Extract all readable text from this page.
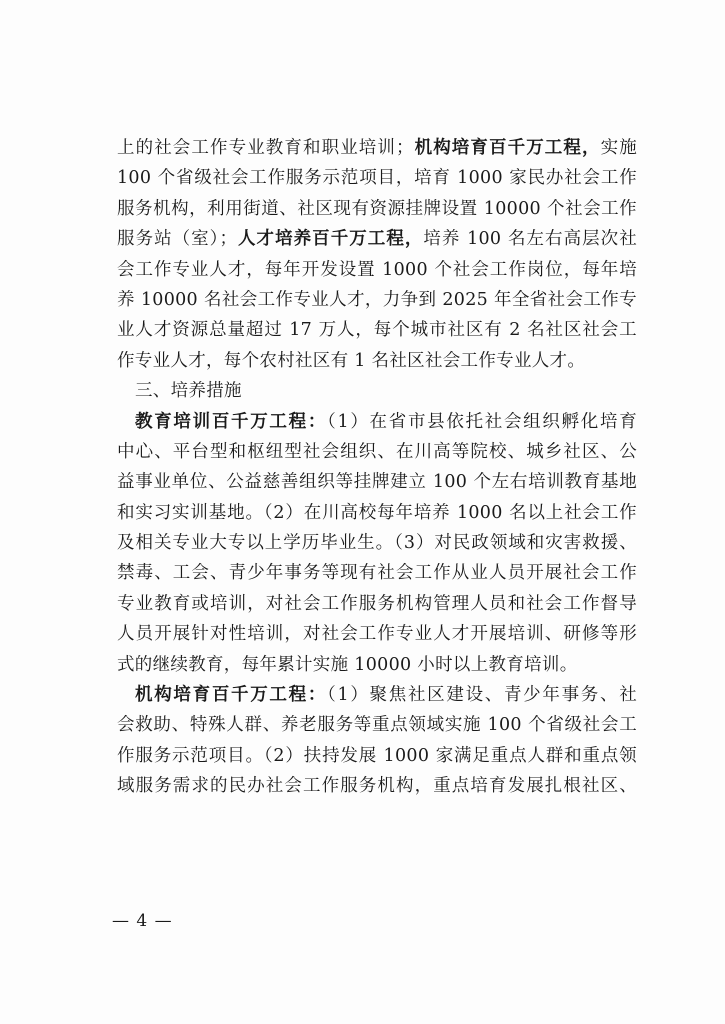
上的社会工作专业教育和职业培训；机构培育百千万工程，实施
100 个省级社会工作服务示范项目，培育 1000 家民办社会工作
服务机构，利用街道、社区现有资源挂牌设置 10000 个社会工作
服务站（室）；人才培养百千万工程，培养 100 名左右高层次社
会工作专业人才，每年开发设置 1000 个社会工作岗位，每年培
养 10000 名社会工作专业人才，力争到 2025 年全省社会工作专
业人才资源总量超过 17 万人，每个城市社区有 2 名社区社会工
作专业人才，每个农村社区有 1 名社区社会工作专业人才。
三、培养措施
教育培训百千万工程：（1）在省市县依托社会组织孵化培育
中心、平台型和枢纽型社会组织、在川高等院校、城乡社区、公
益事业单位、公益慈善组织等挂牌建立 100 个左右培训教育基地
和实习实训基地。（2）在川高校每年培养 1000 名以上社会工作
及相关专业大专以上学历毕业生。（3）对民政领域和灾害救援、
禁毒、工会、青少年事务等现有社会工作从业人员开展社会工作
专业教育或培训，对社会工作服务机构管理人员和社会工作督导
人员开展针对性培训，对社会工作专业人才开展培训、研修等形
式的继续教育，每年累计实施 10000 小时以上教育培训。
机构培育百千万工程：（1）聚焦社区建设、青少年事务、社
会救助、特殊人群、养老服务等重点领域实施 100 个省级社会工
作服务示范项目。（2）扶持发展 1000 家满足重点人群和重点领
域服务需求的民办社会工作服务机构，重点培育发展扎根社区、
— 4 —
